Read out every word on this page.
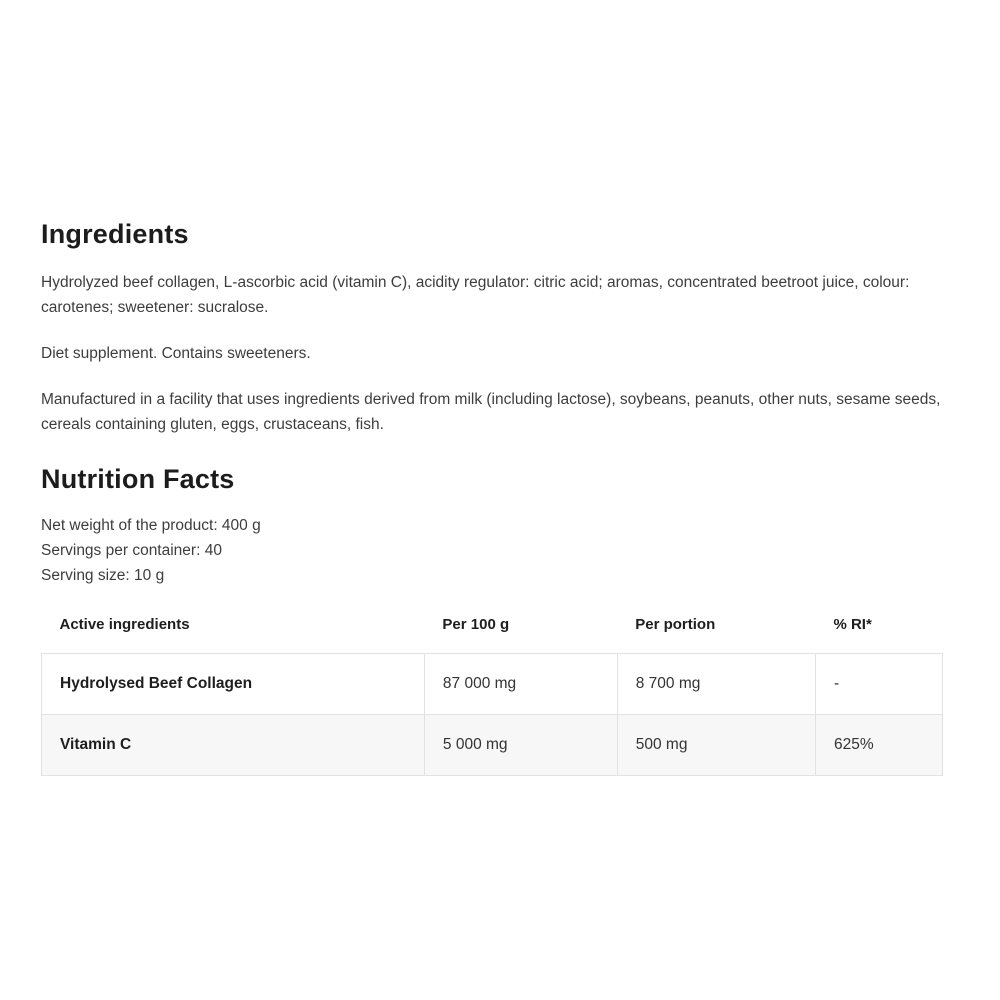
Ingredients

Hydrolyzed beef collagen, L-ascorbic acid (vitamin C), acidity regulator: citric acid; aromas, concentrated beetroot juice, colour: carotenes; sweetener: sucralose.

Diet supplement. Contains sweeteners.

Manufactured in a facility that uses ingredients derived from milk (including lactose), soybeans, peanuts, other nuts, sesame seeds, cereals containing gluten, eggs, crustaceans, fish.

Nutrition Facts

Net weight of the product: 400 g

Servings per container: 40

Serving size: 10 g

Active ingredients	Per 100 g	Per portion	% RI*
Hydrolysed Beef Collagen	87 000 mg	8 700 mg	-
Vitamin C	5 000 mg	500 mg	625%
